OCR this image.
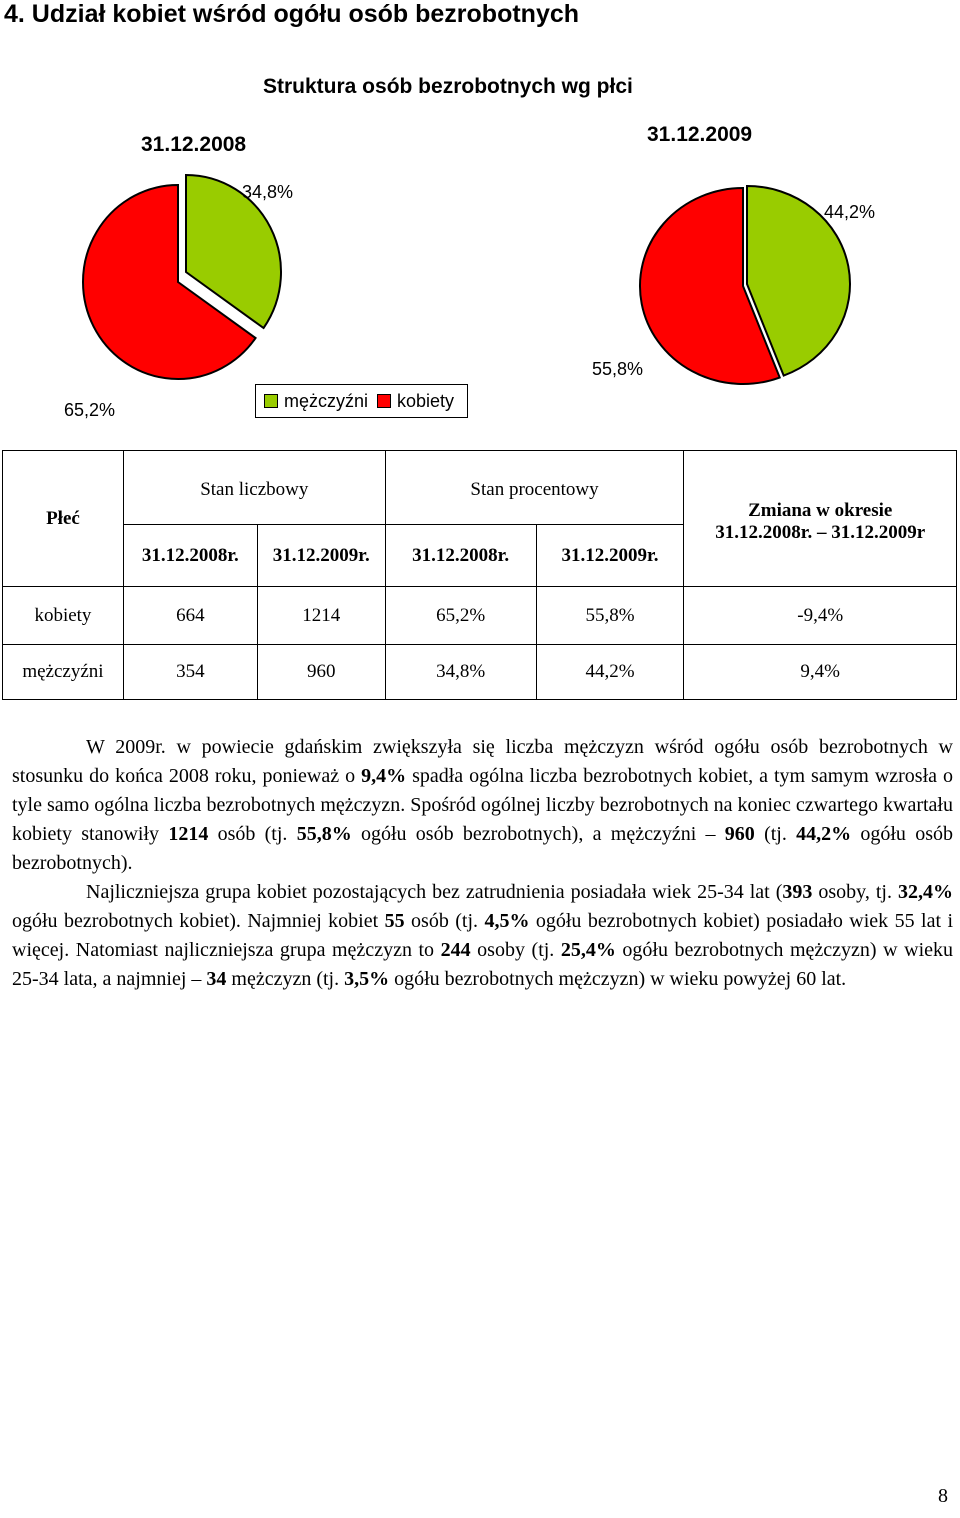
4. Udział kobiet wśród ogółu osób bezrobotnych
Struktura osób bezrobotnych wg płci
31.12.2008	31.12.2009
34,8%
65,2%
44,2%
55,8%
mężczyźni kobiety
Płeć	Stan liczbowy		Stan procentowy		Zmiana w okresie
31.12.2008r. – 31.12.2009r

	31.12.2008r.	31.12.2009r.	31.12.2008r.	31.12.2009r.	
kobiety	664	1214	65,2%	55,8%	-9,4%
mężczyźni	354	960	34,8%	44,2%	9,4%

W 2009r. w powiecie gdańskim zwiększyła się liczba mężczyzn wśród ogółu osób bezrobotnych w stosunku do końca 2008 roku, ponieważ o 9,4% spadła ogólna liczba bezrobotnych kobiet, a tym samym wzrosła o tyle samo ogólna liczba bezrobotnych mężczyzn. Spośród ogólnej liczby bezrobotnych na koniec czwartego kwartału kobiety stanowiły 1214 osób (tj. 55,8% ogółu osób bezrobotnych), a mężczyźni – 960 (tj. 44,2% ogółu osób bezrobotnych).

Najliczniejsza grupa kobiet pozostających bez zatrudnienia posiadała wiek 25-34 lat (393 osoby, tj. 32,4% ogółu bezrobotnych kobiet). Najmniej kobiet 55 osób (tj. 4,5% ogółu bezrobotnych kobiet) posiadało wiek 55 lat i więcej. Natomiast najliczniejsza grupa mężczyzn to 244 osoby (tj. 25,4% ogółu bezrobotnych mężczyzn) w wieku 25-34 lata, a najmniej – 34 mężczyzn (tj. 3,5% ogółu bezrobotnych mężczyzn) w wieku powyżej 60 lat.

8
